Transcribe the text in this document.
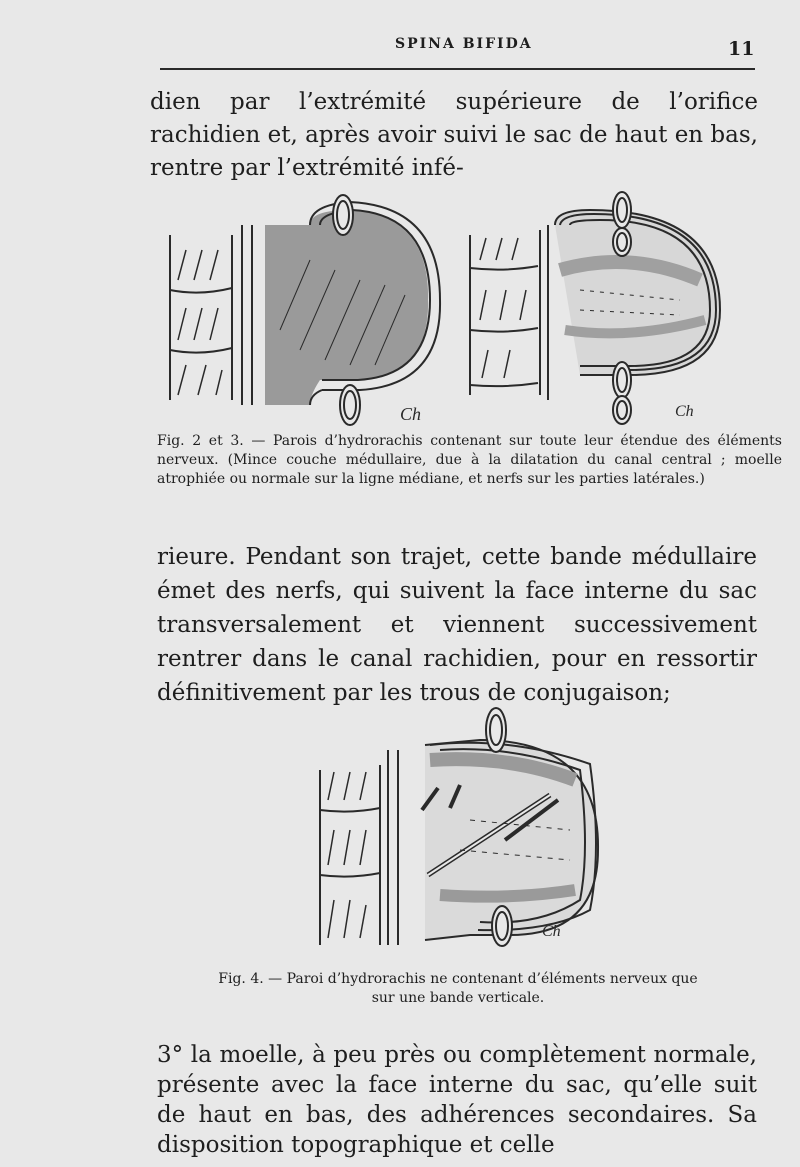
SPINA BIFIDA	11

dien par l’extrémité supérieure de l’orifice rachidien et, après avoir suivi le sac de haut en bas, rentre par l’extrémité infé-

Ch	Ch

Fig. 2 et 3. — Parois d’hydrorachis contenant sur toute leur étendue des éléments nerveux. (Mince couche médullaire, due à la dilatation du canal central ; moelle atrophiée ou normale sur la ligne médiane, et nerfs sur les parties latérales.)

rieure. Pendant son trajet, cette bande médullaire émet des nerfs, qui suivent la face interne du sac transversalement et viennent successivement rentrer dans le canal rachidien, pour en ressortir définitivement par les trous de conjugaison;

Ch

Fig. 4. — Paroi d’hydrorachis ne contenant d’éléments nerveux que sur une bande verticale.

3° la moelle, à peu près ou complètement normale, présente avec la face interne du sac, qu’elle suit de haut en bas, des adhérences secondaires. Sa disposition topographique et celle
